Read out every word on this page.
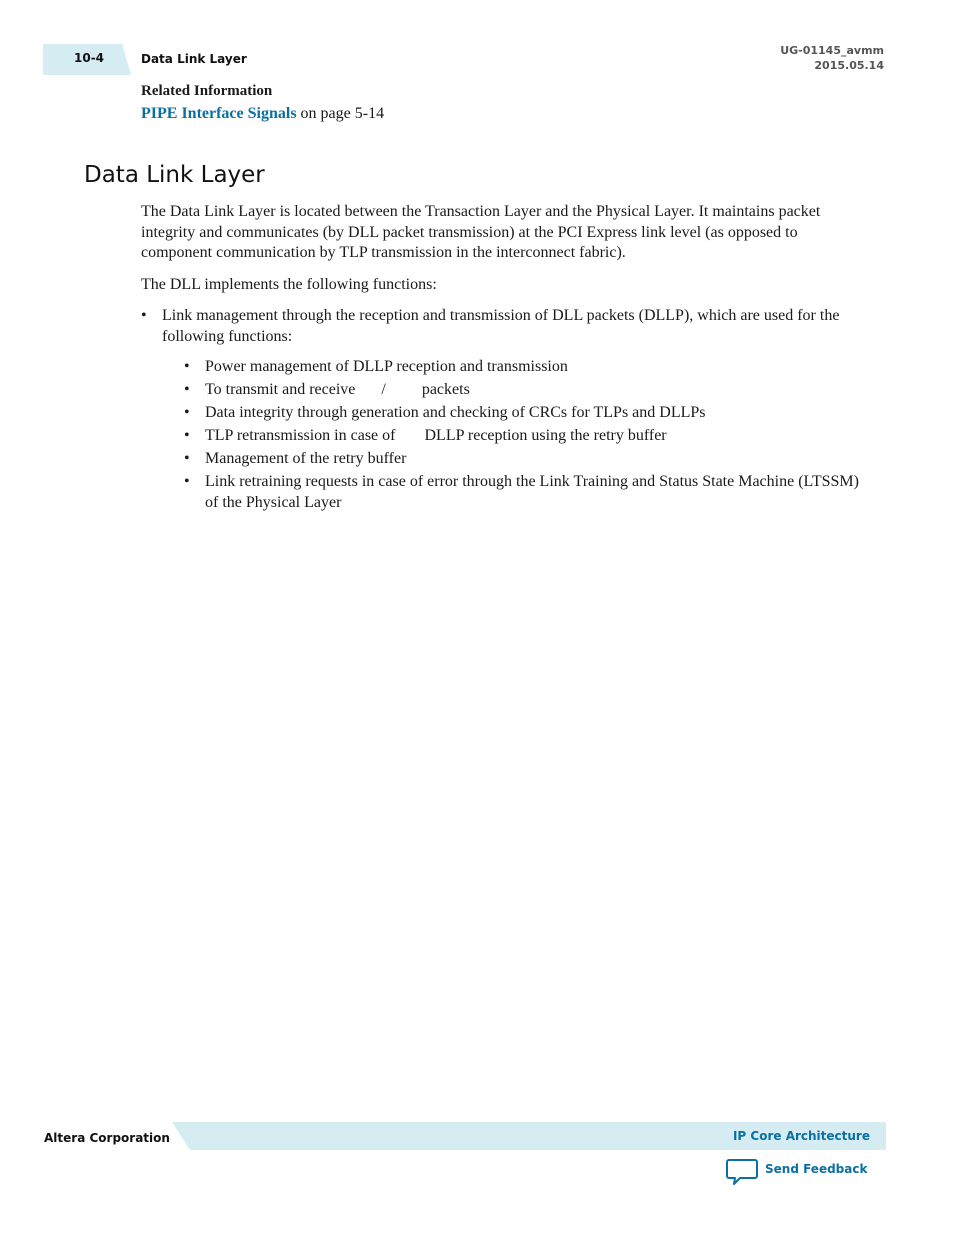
10-4	Data Link Layer
UG-01145_avmm
2015.05.14
Related Information
PIPE Interface Signals on page 5-14
Data Link Layer

The Data Link Layer is located between the Transaction Layer and the Physical Layer. It maintains packet integrity and communicates (by DLL packet transmission) at the PCI Express link level (as opposed to component communication by TLP transmission in the interconnect fabric).

The DLL implements the following functions:

• Link management through the reception and transmission of DLL packets (DLLP), which are used for the following functions:
• Power management of DLLP reception and transmission
• To transmit and receive / packets
• Data integrity through generation and checking of CRCs for TLPs and DLLPs
• TLP retransmission in case of DLLP reception using the retry buffer
• Management of the retry buffer
• Link retraining requests in case of error through the Link Training and Status State Machine (LTSSM) of the Physical Layer
Altera Corporation	IP Core Architecture
Send Feedback
